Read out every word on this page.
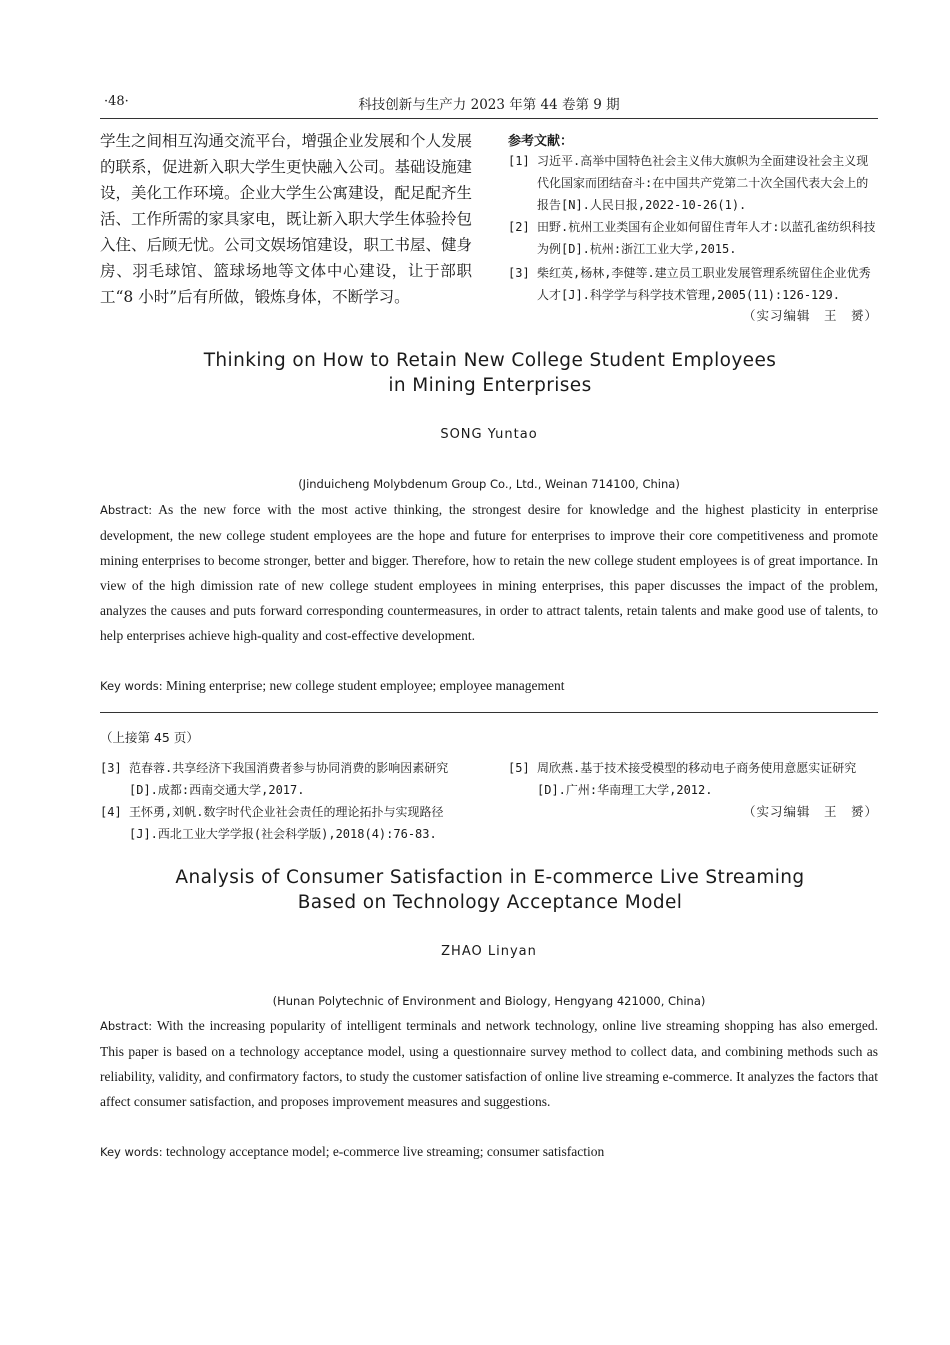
·48·	科技创新与生产力 2023 年第 44 卷第 9 期

学生之间相互沟通交流平台，增强企业发展和个人发展的联系，促进新入职大学生更快融入公司。基础设施建设，美化工作环境。企业大学生公寓建设，配足配齐生活、工作所需的家具家电，既让新入职大学生体验拎包入住、后顾无忧。公司文娱场馆建设，职工书屋、健身房、羽毛球馆、篮球场地等文体中心建设，让于部职工“8 小时”后有所做，锻炼身体，不断学习。

参考文献：
[1] 习近平.高举中国特色社会主义伟大旗帜为全面建设社会主义现代化国家而团结奋斗:在中国共产党第二十次全国代表大会上的报告[N].人民日报,2022-10-26(1).
[2] 田野.杭州工业类国有企业如何留住青年人才:以蓝孔雀纺织科技为例[D].杭州:浙江工业大学,2015.
[3] 柴红英,杨林,李健等.建立员工职业发展管理系统留住企业优秀人才[J].科学学与科学技术管理,2005(11):126-129.
（实习编辑　王　赟）
Thinking on How to Retain New College Student Employees
in Mining Enterprises
SONG Yuntao
(Jinduicheng Molybdenum Group Co., Ltd., Weinan 714100, China)
Abstract: As the new force with the most active thinking, the strongest desire for knowledge and the highest plasticity in enterprise development, the new college student employees are the hope and future for enterprises to improve their core competitiveness and promote mining enterprises to become stronger, better and bigger. Therefore, how to retain the new college student employees is of great importance. In view of the high dimission rate of new college student employees in mining enterprises, this paper discusses the impact of the problem, analyzes the causes and puts forward corresponding countermeasures, in order to attract talents, retain talents and make good use of talents, to help enterprises achieve high-quality and cost-effective development.
Key words: Mining enterprise; new college student employee; employee management
（上接第 45 页）
[3] 范春蓉.共享经济下我国消费者参与协同消费的影响因素研究[D].成都:西南交通大学,2017.
[4] 王怀勇,刘帆.数字时代企业社会责任的理论拓扑与实现路径[J].西北工业大学学报(社会科学版),2018(4):76-83.
[5] 周欣燕.基于技术接受模型的移动电子商务使用意愿实证研究[D].广州:华南理工大学,2012.
（实习编辑　王　赟）
Analysis of Consumer Satisfaction in E-commerce Live Streaming
Based on Technology Acceptance Model
ZHAO Linyan
(Hunan Polytechnic of Environment and Biology, Hengyang 421000, China)
Abstract: With the increasing popularity of intelligent terminals and network technology, online live streaming shopping has also emerged. This paper is based on a technology acceptance model, using a questionnaire survey method to collect data, and combining methods such as reliability, validity, and confirmatory factors, to study the customer satisfaction of online live streaming e-commerce. It analyzes the factors that affect consumer satisfaction, and proposes improvement measures and suggestions.
Key words: technology acceptance model; e-commerce live streaming; consumer satisfaction
